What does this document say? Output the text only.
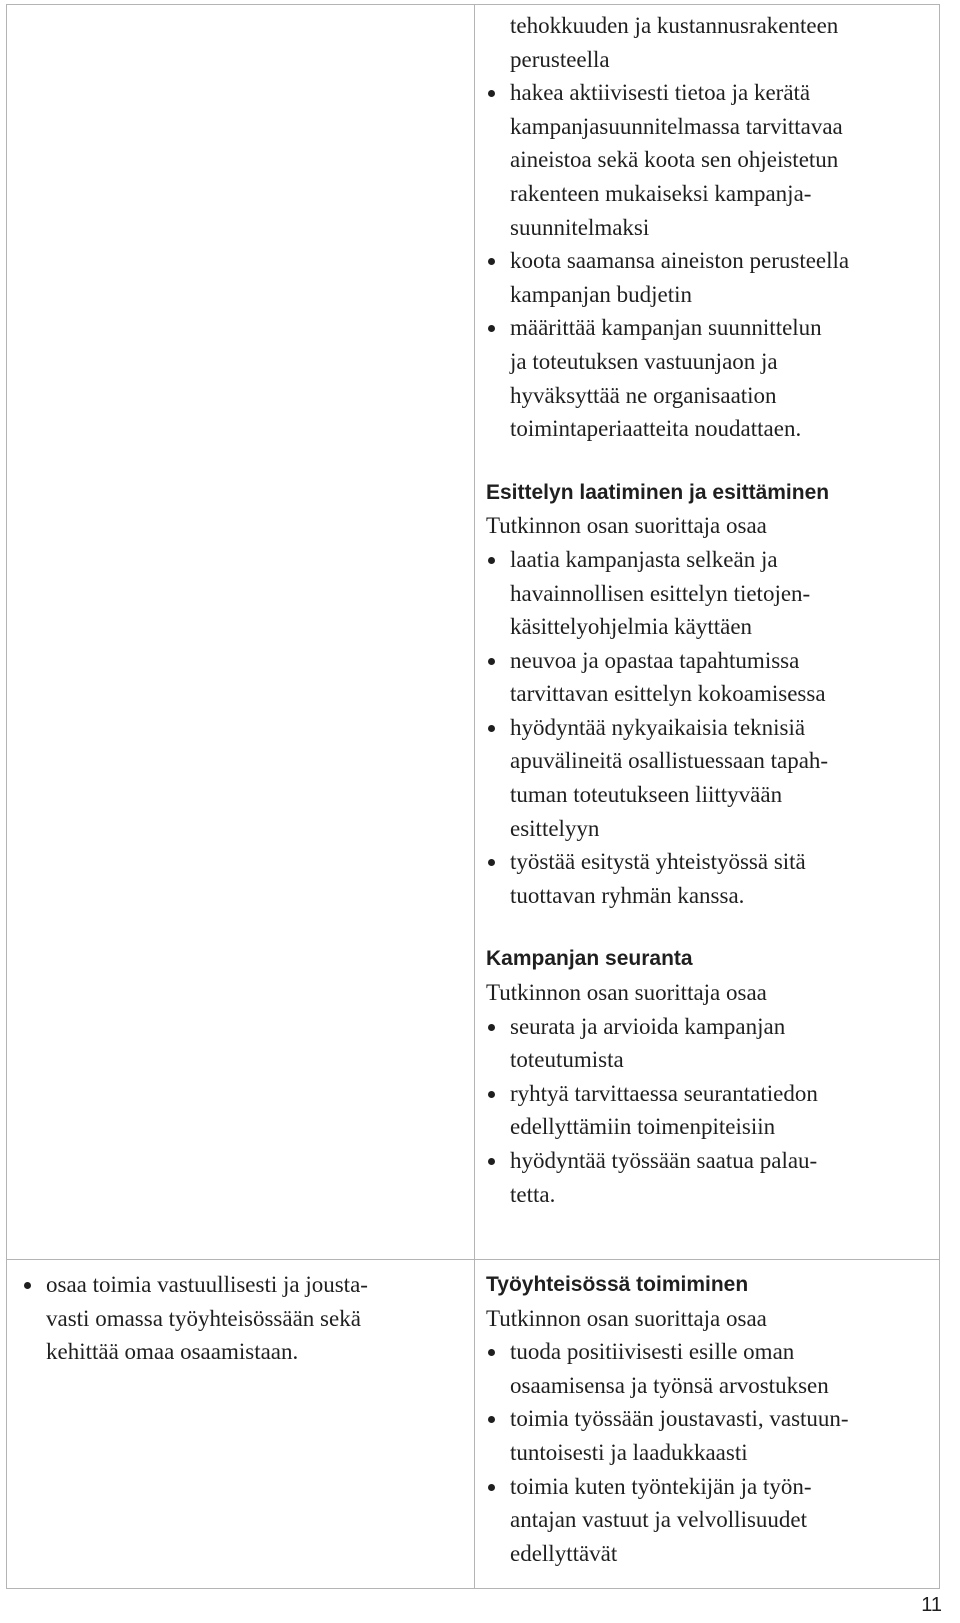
tehokkuuden ja kustannusrakenteen
perusteella
hakea aktiivisesti tietoa ja kerätä
kampanjasuunnitelmassa tarvittavaa
aineistoa sekä koota sen ohjeistetun
rakenteen mukaiseksi kampanja-
suunnitelmaksi
koota saamansa aineiston perusteella
kampanjan budjetin
määrittää kampanjan suunnittelun
ja toteutuksen vastuunjaon ja
hyväksyttää ne organisaation
toimintaperiaatteita noudattaen.
Esittelyn laatiminen ja esittäminen
Tutkinnon osan suorittaja osaa
laatia kampanjasta selkeän ja
havainnollisen esittelyn tietojen-
käsittelyohjelmia käyttäen
neuvoa ja opastaa tapahtumissa
tarvittavan esittelyn kokoamisessa
hyödyntää nykyaikaisia teknisiä
apuvälineitä osallistuessaan tapah-
tuman toteutukseen liittyvään
esittelyyn
työstää esitystä yhteistyössä sitä
tuottavan ryhmän kanssa.
Kampanjan seuranta
Tutkinnon osan suorittaja osaa
seurata ja arvioida kampanjan
toteutumista
ryhtyä tarvittaessa seurantatiedon
edellyttämiin toimenpiteisiin
hyödyntää työssään saatua palau-
tetta.
osaa toimia vastuullisesti ja jousta-
vasti omassa työyhteisössään sekä
kehittää omaa osaamistaan.
Työyhteisössä toimiminen
Tutkinnon osan suorittaja osaa
tuoda positiivisesti esille oman
osaamisensa ja työnsä arvostuksen
toimia työssään joustavasti, vastuun-
tuntoisesti ja laadukkaasti
toimia kuten työntekijän ja työn-
antajan vastuut ja velvollisuudet
edellyttävät
11
